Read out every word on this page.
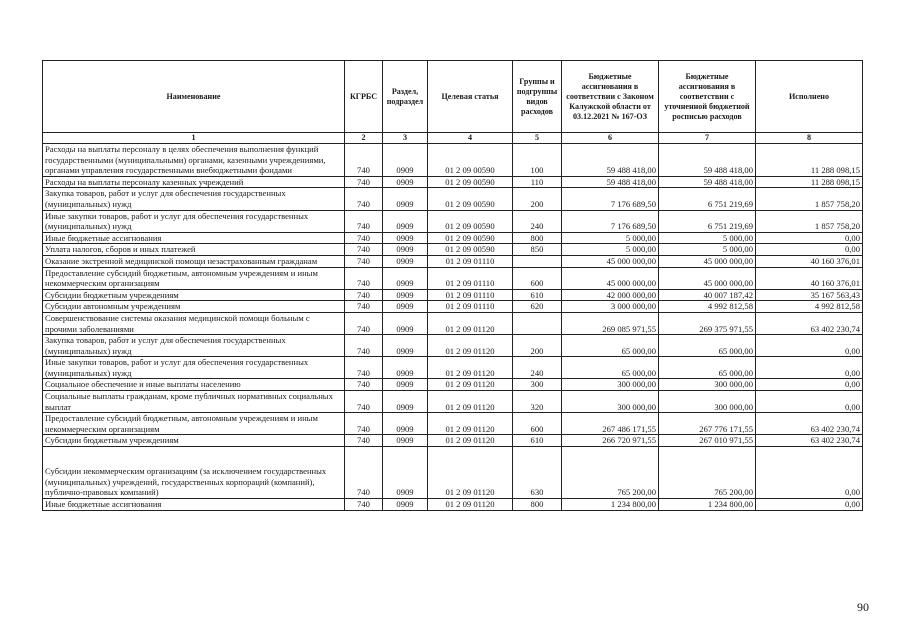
Наименование	КГРБС	Раздел, подраздел	Целевая статья	Группы и подгруппы видов расходов	Бюджетные ассигнования в соответствии с Законом Калужской области от 03.12.2021 № 167-ОЗ	Бюджетные ассигнования в соответствии с уточненной бюджетной росписью расходов	Исполнено
1	2	3	4	5	6	7	8
Расходы на выплаты персоналу в целях обеспечения выполнения функций государственными (муниципальными) органами, казенными учреждениями, органами управления государственными внебюджетными фондами	740	0909	01 2 09 00590	100	59 488 418,00	59 488 418,00	11 288 098,15
Расходы на выплаты персоналу казенных учреждений	740	0909	01 2 09 00590	110	59 488 418,00	59 488 418,00	11 288 098,15
Закупка товаров, работ и услуг для обеспечения государственных (муниципальных) нужд	740	0909	01 2 09 00590	200	7 176 689,50	6 751 219,69	1 857 758,20
Иные закупки товаров, работ и услуг для обеспечения государственных (муниципальных) нужд	740	0909	01 2 09 00590	240	7 176 689,50	6 751 219,69	1 857 758,20
Иные бюджетные ассигнования	740	0909	01 2 09 00590	800	5 000,00	5 000,00	0,00
Уплата налогов, сборов и иных платежей	740	0909	01 2 09 00590	850	5 000,00	5 000,00	0,00
Оказание экстренной медицинской помощи незастрахованным гражданам	740	0909	01 2 09 01110		45 000 000,00	45 000 000,00	40 160 376,01
Предоставление субсидий бюджетным, автономным учреждениям и иным некоммерческим организациям	740	0909	01 2 09 01110	600	45 000 000,00	45 000 000,00	40 160 376,01
Субсидии бюджетным учреждениям	740	0909	01 2 09 01110	610	42 000 000,00	40 007 187,42	35 167 563,43
Субсидии автономным учреждениям	740	0909	01 2 09 01110	620	3 000 000,00	4 992 812,58	4 992 812,58
Совершенствование системы оказания медицинской помощи больным с прочими заболеваниями	740	0909	01 2 09 01120		269 085 971,55	269 375 971,55	63 402 230,74
Закупка товаров, работ и услуг для обеспечения государственных (муниципальных) нужд	740	0909	01 2 09 01120	200	65 000,00	65 000,00	0,00
Иные закупки товаров, работ и услуг для обеспечения государственных (муниципальных) нужд	740	0909	01 2 09 01120	240	65 000,00	65 000,00	0,00
Социальное обеспечение и иные выплаты населению	740	0909	01 2 09 01120	300	300 000,00	300 000,00	0,00
Социальные выплаты гражданам, кроме публичных нормативных социальных выплат	740	0909	01 2 09 01120	320	300 000,00	300 000,00	0,00
Предоставление субсидий бюджетным, автономным учреждениям и иным некоммерческим организациям	740	0909	01 2 09 01120	600	267 486 171,55	267 776 171,55	63 402 230,74
Субсидии бюджетным учреждениям	740	0909	01 2 09 01120	610	266 720 971,55	267 010 971,55	63 402 230,74
Субсидии некоммерческим организациям (за исключением государственных (муниципальных) учреждений, государственных корпораций (компаний), публично-правовых компаний)	740	0909	01 2 09 01120	630	765 200,00	765 200,00	0,00
Иные бюджетные ассигнования	740	0909	01 2 09 01120	800	1 234 800,00	1 234 800,00	0,00
90
